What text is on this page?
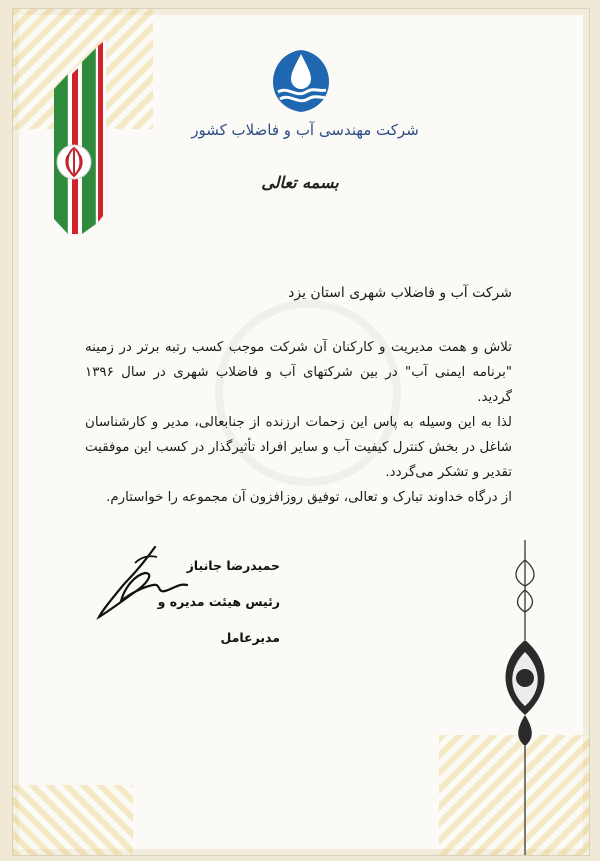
شرکت مهندسی آب و فاضلاب کشور
بسمه تعالی
شرکت آب و فاضلاب شهری استان یزد

تلاش و همت مدیریت و کارکنان آن شرکت موجب کسب رتبه برتر در زمینه "برنامه ایمنی آب" در بین شرکتهای آب و فاضلاب شهری در سال ۱۳۹۶ گردید.

لذا به این وسیله به پاس این زحمات ارزنده از جنابعالی، مدیر و کارشناسان شاغل در بخش کنترل کیفیت آب و سایر افراد تأثیرگذار در کسب این موفقیت تقدیر و تشکر می‌گردد.

از درگاه خداوند تبارک و تعالی، توفیق روزافزون آن مجموعه را خواستارم.

حمیدرضا جانباز
رئیس هیئت مدیره و مدیرعامل
